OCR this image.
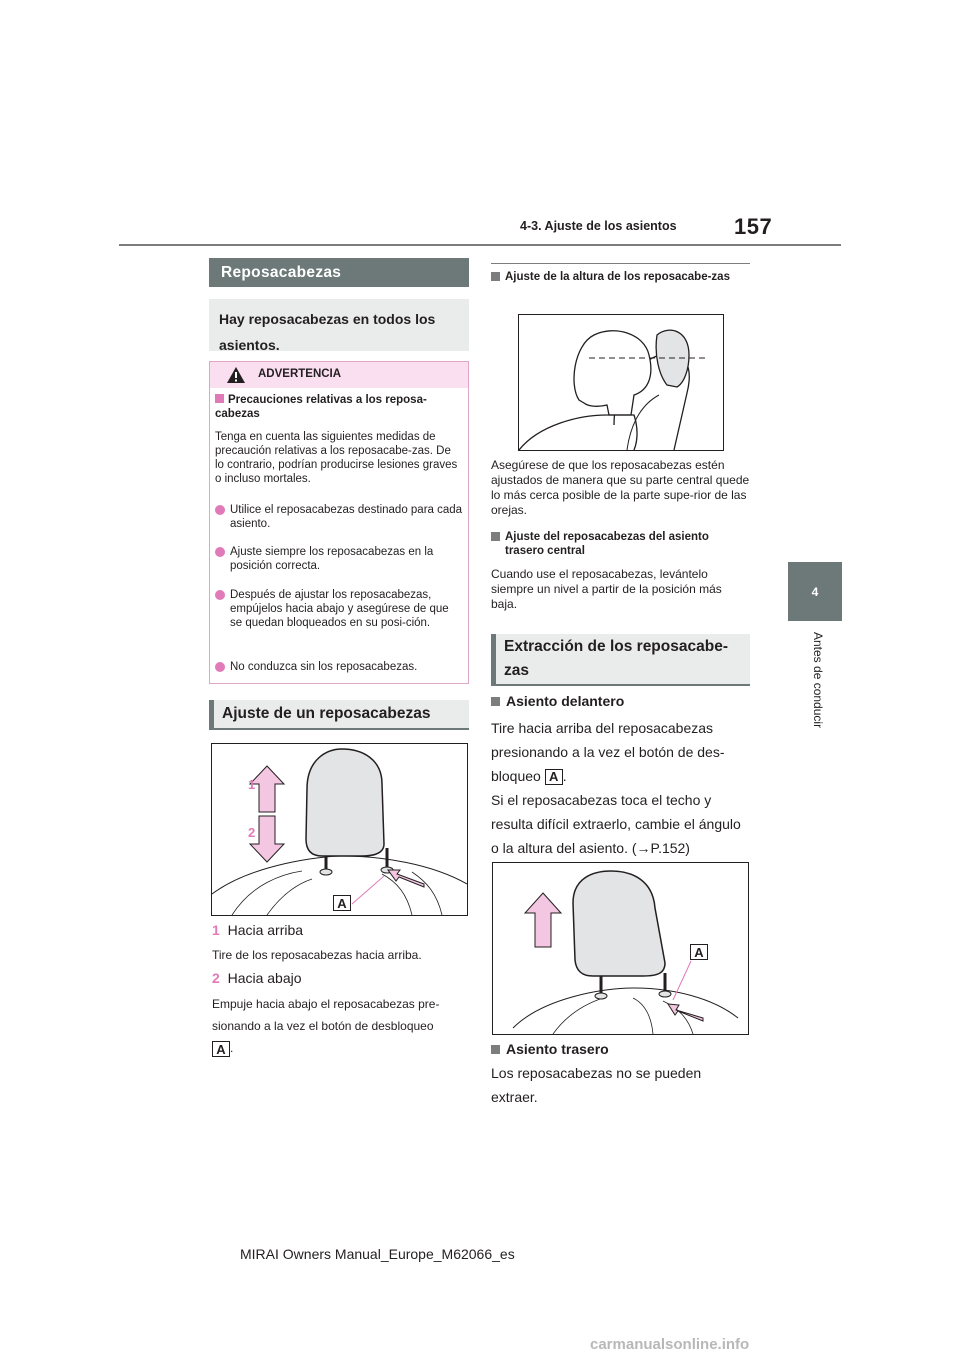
4-3. Ajuste de los asientos	157
4
Antes de conducir
Reposacabezas
Hay reposacabezas en todos los asientos.
ADVERTENCIA
Precauciones relativas a los reposa-cabezas
Tenga en cuenta las siguientes medidas de precaución relativas a los reposacabe-zas. De lo contrario, podrían producirse lesiones graves o incluso mortales.
Utilice el reposacabezas destinado para cada asiento.
Ajuste siempre los reposacabezas en la posición correcta.
Después de ajustar los reposacabezas, empújelos hacia abajo y asegúrese de que se quedan bloqueados en su posi-ción.
No conduzca sin los reposacabezas.
Ajuste de un reposacabezas
1
2
A
1 Hacia arriba
Tire de los reposacabezas hacia arriba.
2 Hacia abajo
Empuje hacia abajo el reposacabezas pre-
sionando a la vez el botón de desbloqueo
A .
Ajuste de la altura de los reposacabe-zas
Asegúrese de que los reposacabezas estén ajustados de manera que su parte central quede lo más cerca posible de la parte supe-rior de las orejas.
Ajuste del reposacabezas del asiento trasero central
Cuando use el reposacabezas, levántelo siempre un nivel a partir de la posición más baja.
Extracción de los reposacabe-zas
Asiento delantero
Tire hacia arriba del reposacabezas presionando a la vez el botón de des-
bloqueo A .
Si el reposacabezas toca el techo y resulta difícil extraerlo, cambie el ángulo o la altura del asiento. (→P.152)
A
Asiento trasero
Los reposacabezas no se pueden extraer.
MIRAI Owners Manual_Europe_M62066_es
carmanualsonline.info
